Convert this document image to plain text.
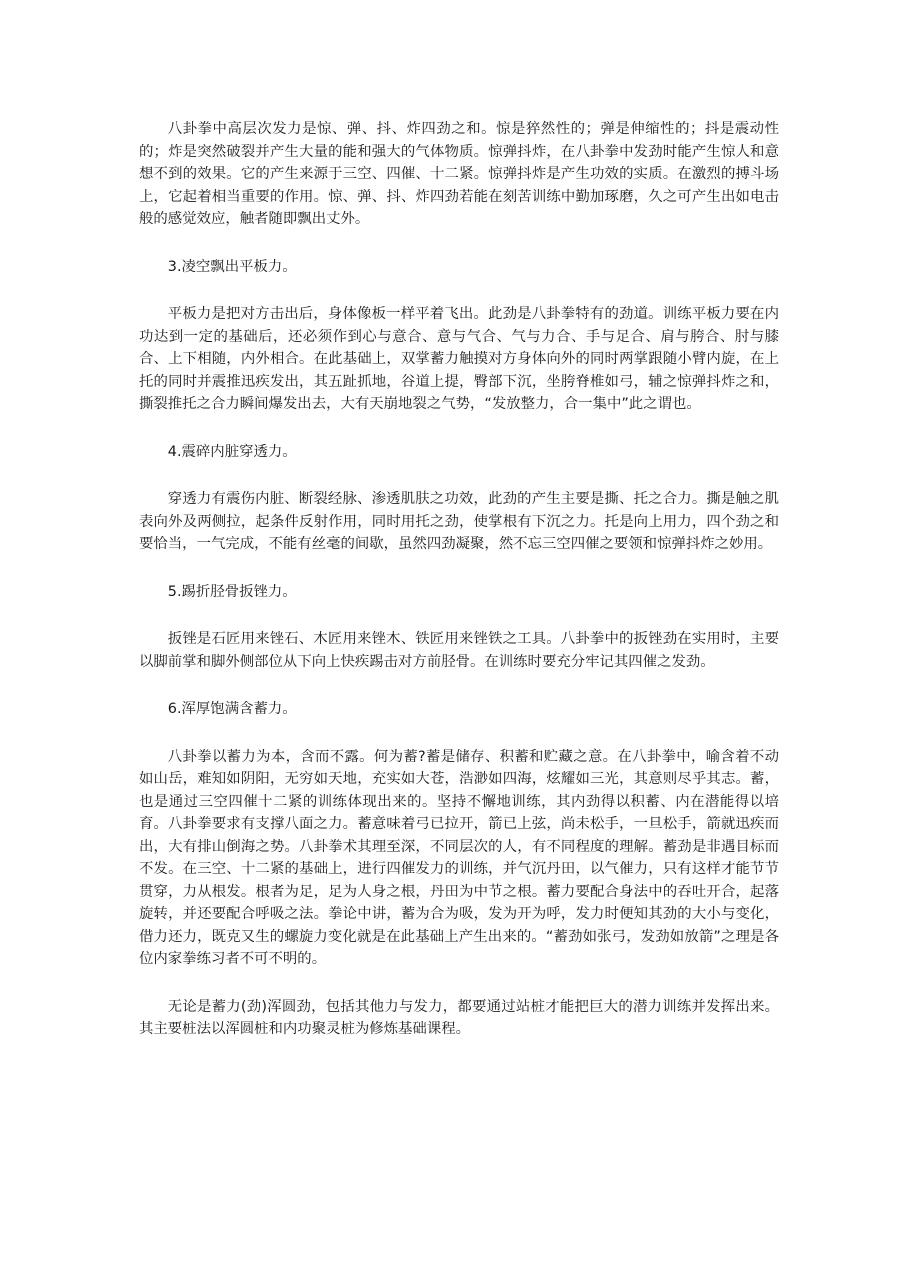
八卦拳中高层次发力是惊、弹、抖、炸四劲之和。惊是猝然性的；弹是伸缩性的；抖是震动性的；炸是突然破裂并产生大量的能和强大的气体物质。惊弹抖炸，在八卦拳中发劲时能产生惊人和意想不到的效果。它的产生来源于三空、四催、十二紧。惊弹抖炸是产生功效的实质。在激烈的搏斗场上，它起着相当重要的作用。惊、弹、抖、炸四劲若能在刻苦训练中勤加琢磨，久之可产生出如电击般的感觉效应，触者随即飘出丈外。

3.凌空飘出平板力。

平板力是把对方击出后，身体像板一样平着飞出。此劲是八卦拳特有的劲道。训练平板力要在内功达到一定的基础后，还必须作到心与意合、意与气合、气与力合、手与足合、肩与胯合、肘与膝合、上下相随，内外相合。在此基础上，双掌蓄力触摸对方身体向外的同时两掌跟随小臂内旋，在上托的同时并震推迅疾发出，其五趾抓地，谷道上提，臀部下沉，坐胯脊椎如弓，辅之惊弹抖炸之和，撕裂推托之合力瞬间爆发出去，大有天崩地裂之气势，“发放整力，合一集中”此之谓也。

4.震碎内脏穿透力。

穿透力有震伤内脏、断裂经脉、渗透肌肤之功效，此劲的产生主要是撕、托之合力。撕是触之肌表向外及两侧拉，起条件反射作用，同时用托之劲，使掌根有下沉之力。托是向上用力，四个劲之和要恰当，一气完成，不能有丝毫的间歇，虽然四劲凝聚，然不忘三空四催之要领和惊弹抖炸之妙用。

5.踢折胫骨扳锉力。

扳锉是石匠用来锉石、木匠用来锉木、铁匠用来锉铁之工具。八卦拳中的扳锉劲在实用时，主要以脚前掌和脚外侧部位从下向上快疾踢击对方前胫骨。在训练时要充分牢记其四催之发劲。

6.浑厚饱满含蓄力。

八卦拳以蓄力为本，含而不露。何为蓄?蓄是储存、积蓄和贮藏之意。在八卦拳中，喻含着不动如山岳，难知如阴阳，无穷如天地，充实如大苍，浩渺如四海，炫耀如三光，其意则尽乎其志。蓄，也是通过三空四催十二紧的训练体现出来的。坚持不懈地训练，其内劲得以积蓄、内在潜能得以培育。八卦拳要求有支撑八面之力。蓄意味着弓已拉开，箭已上弦，尚未松手，一旦松手，箭就迅疾而出，大有排山倒海之势。八卦拳术其理至深，不同层次的人，有不同程度的理解。蓄劲是非遇目标而不发。在三空、十二紧的基础上，进行四催发力的训练，并气沉丹田，以气催力，只有这样才能节节贯穿，力从根发。根者为足，足为人身之根，丹田为中节之根。蓄力要配合身法中的吞吐开合，起落旋转，并还要配合呼吸之法。拳论中讲，蓄为合为吸，发为开为呼，发力时便知其劲的大小与变化，借力还力，既克又生的螺旋力变化就是在此基础上产生出来的。“蓄劲如张弓，发劲如放箭”之理是各位内家拳练习者不可不明的。

无论是蓄力(劲)浑圆劲，包括其他力与发力，都要通过站桩才能把巨大的潜力训练并发挥出来。其主要桩法以浑圆桩和内功聚灵桩为修炼基础课程。
